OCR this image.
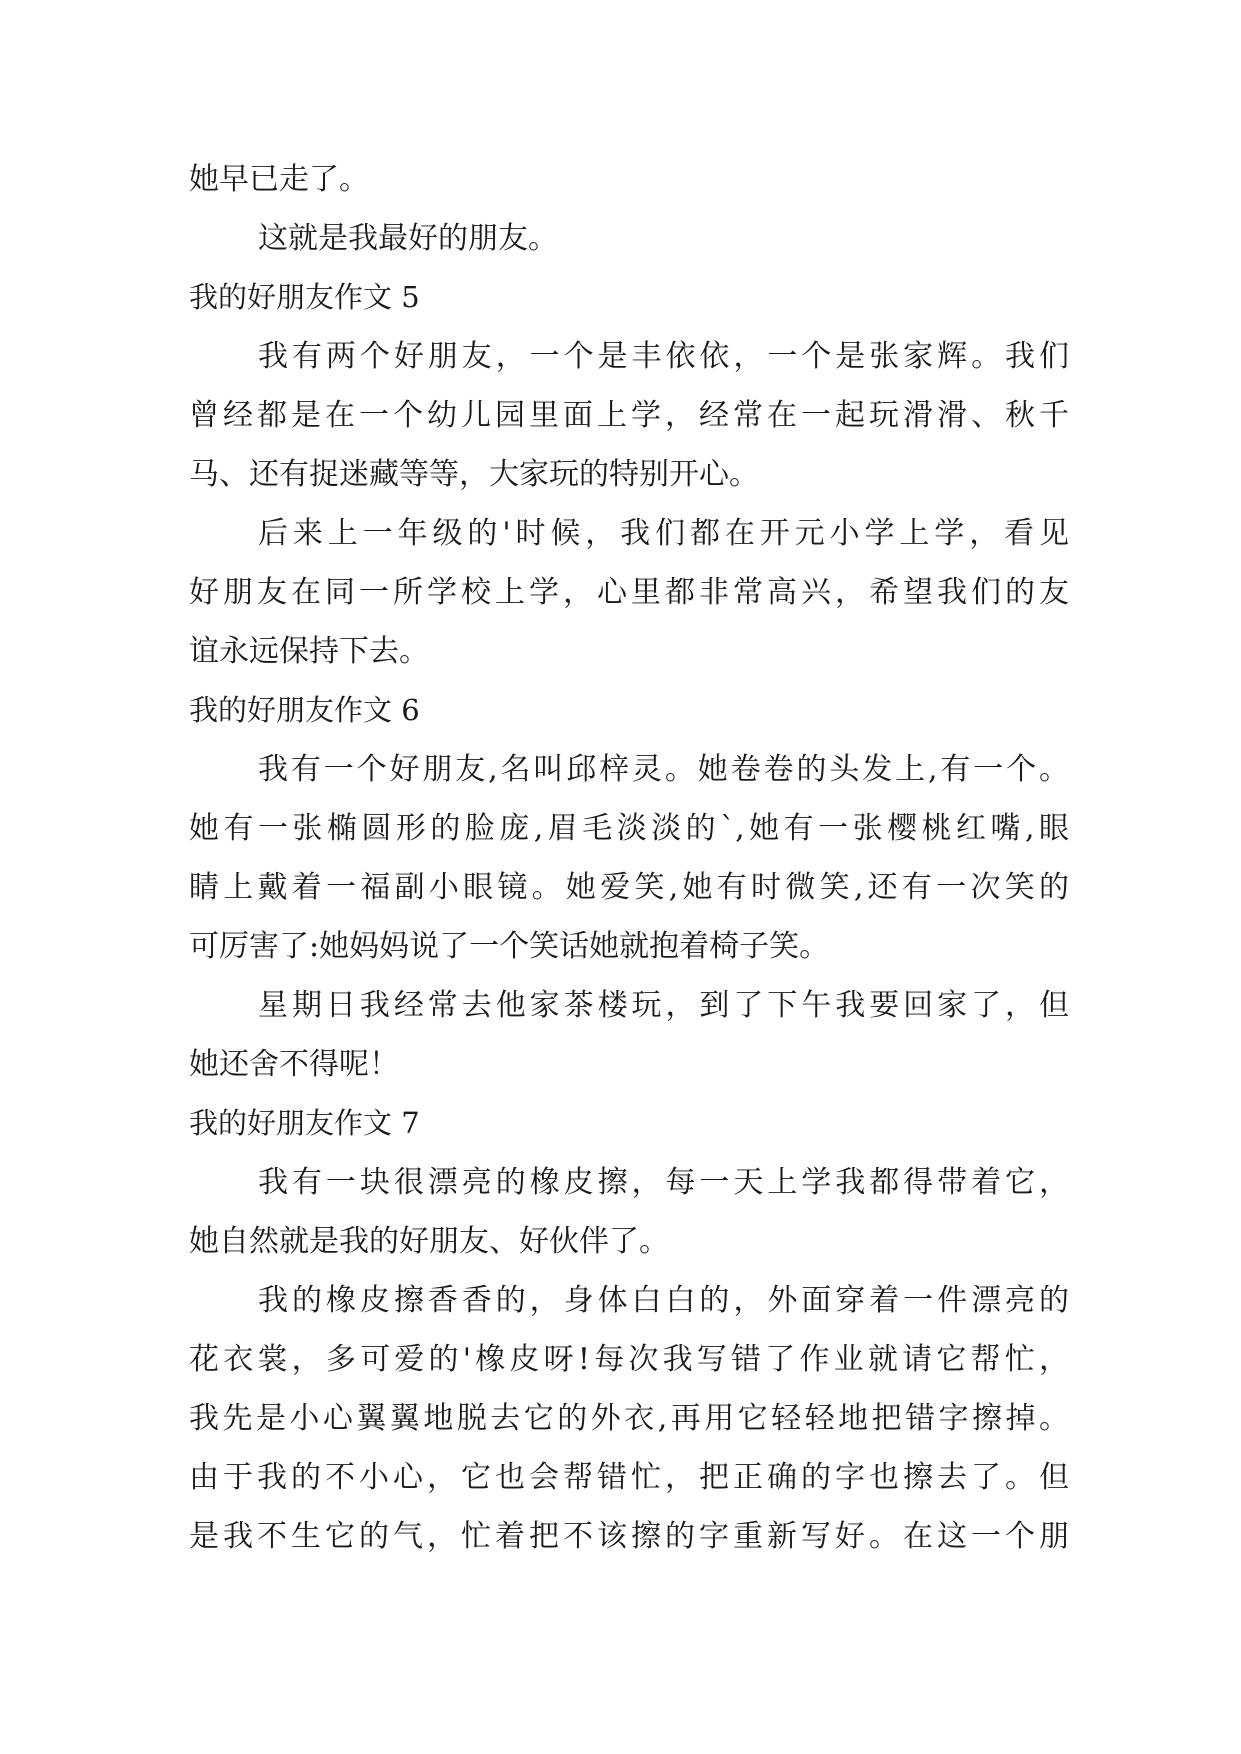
她早已走了。
这就是我最好的朋友。
我的好朋友作文 5
我有两个好朋友，一个是丰依依，一个是张家辉。我们
曾经都是在一个幼儿园里面上学，经常在一起玩滑滑、秋千
马、还有捉迷藏等等，大家玩的特别开心。
后来上一年级的'时候，我们都在开元小学上学，看见
好朋友在同一所学校上学，心里都非常高兴，希望我们的友
谊永远保持下去。
我的好朋友作文 6
我有一个好朋友,名叫邱梓灵。她卷卷的头发上,有一个。
她有一张椭圆形的脸庞,眉毛淡淡的`,她有一张樱桃红嘴,眼
睛上戴着一福副小眼镜。她爱笑,她有时微笑,还有一次笑的
可厉害了:她妈妈说了一个笑话她就抱着椅子笑。
星期日我经常去他家茶楼玩，到了下午我要回家了，但
她还舍不得呢！
我的好朋友作文 7
我有一块很漂亮的橡皮擦，每一天上学我都得带着它，
她自然就是我的好朋友、好伙伴了。
我的橡皮擦香香的，身体白白的，外面穿着一件漂亮的
花衣裳，多可爱的'橡皮呀!每次我写错了作业就请它帮忙，
我先是小心翼翼地脱去它的外衣,再用它轻轻地把错字擦掉。
由于我的不小心，它也会帮错忙，把正确的字也擦去了。但
是我不生它的气，忙着把不该擦的字重新写好。在这一个朋
